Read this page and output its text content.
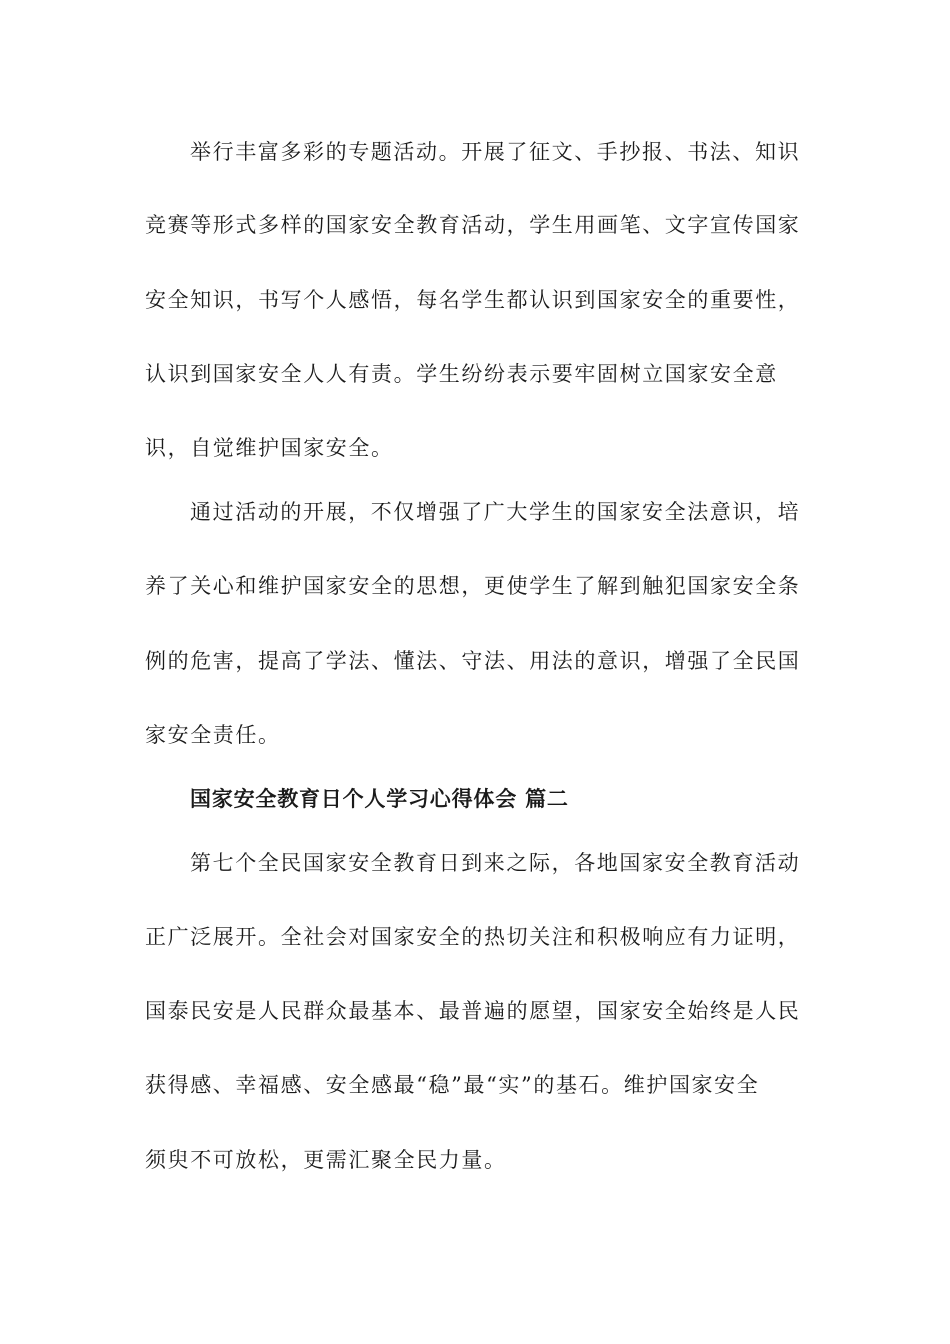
举行丰富多彩的专题活动。开展了征文、手抄报、书法、知识
竞赛等形式多样的国家安全教育活动，学生用画笔、文字宣传国家
安全知识，书写个人感悟，每名学生都认识到国家安全的重要性，
认识到国家安全人人有责。学生纷纷表示要牢固树立国家安全意
识，自觉维护国家安全。
通过活动的开展，不仅增强了广大学生的国家安全法意识，培
养了关心和维护国家安全的思想，更使学生了解到触犯国家安全条
例的危害，提高了学法、懂法、守法、用法的意识，增强了全民国
家安全责任。
国家安全教育日个人学习心得体会 篇二
第七个全民国家安全教育日到来之际，各地国家安全教育活动
正广泛展开。全社会对国家安全的热切关注和积极响应有力证明，
国泰民安是人民群众最基本、最普遍的愿望，国家安全始终是人民
获得感、幸福感、安全感最“稳”最“实”的基石。维护国家安全
须臾不可放松，更需汇聚全民力量。
